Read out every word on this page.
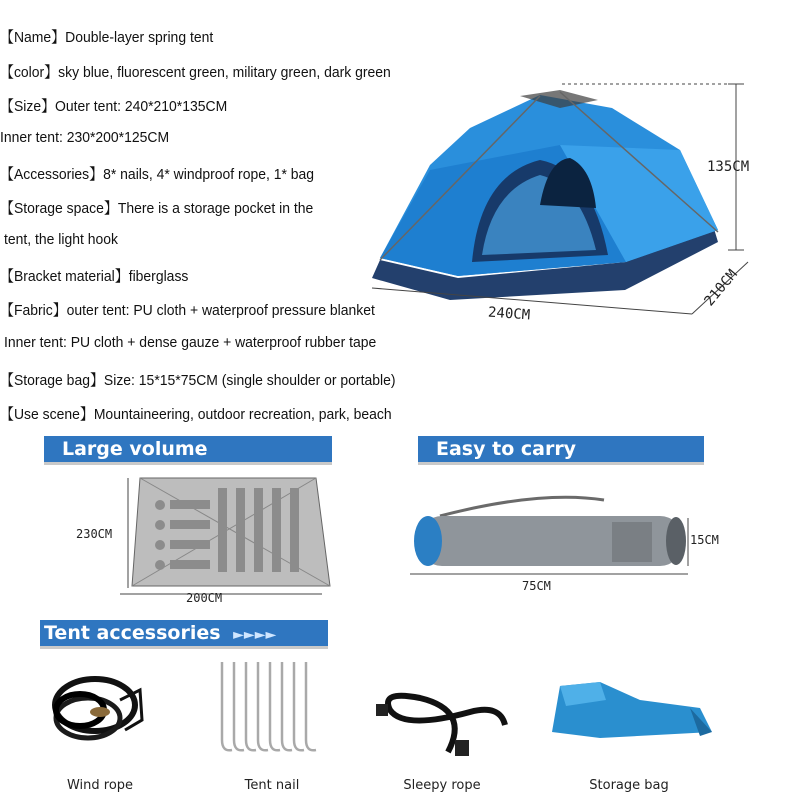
【Name】Double-layer spring tent
【color】sky blue, fluorescent green, military green, dark green
【Size】Outer tent: 240*210*135CM
Inner tent: 230*200*125CM
【Accessories】8* nails, 4* windproof rope, 1* bag
【Storage space】There is a storage pocket in the
tent, the light hook
【Bracket material】fiberglass
【Fabric】outer tent: PU cloth + waterproof pressure blanket
Inner tent: PU cloth + dense gauze + waterproof rubber tape
【Storage bag】Size: 15*15*75CM (single shoulder or portable)
【Use scene】Mountaineering, outdoor recreation, park, beach
135CM
240CM
210CM
Large volume	Easy to carry
Tent accessories ►►►►
230CM
200CM
15CM
75CM
Wind rope	Tent nail	Sleepy rope	Storage bag
